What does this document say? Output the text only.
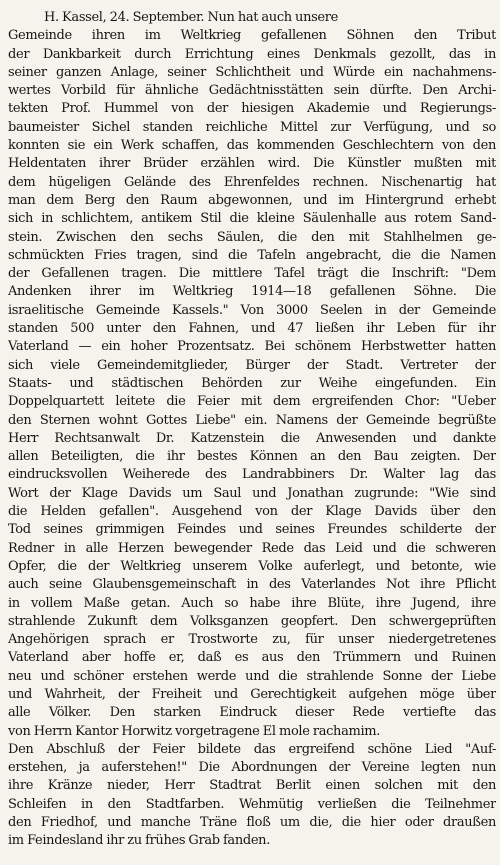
H. Kassel, 24. September. Nun hat auch unsere
Gemeinde ihren im Weltkrieg gefallenen Söhnen den Tribut
der Dankbarkeit durch Errichtung eines Denkmals gezollt, das in
seiner ganzen Anlage, seiner Schlichtheit und Würde ein nachahmens-
wertes Vorbild für ähnliche Gedächtnisstätten sein dürfte. Den Archi-
tekten Prof. Hummel von der hiesigen Akademie und Regierungs-
baumeister Sichel standen reichliche Mittel zur Verfügung, und so
konnten sie ein Werk schaffen, das kommenden Geschlechtern von den
Heldentaten ihrer Brüder erzählen wird. Die Künstler mußten mit
dem hügeligen Gelände des Ehrenfeldes rechnen. Nischenartig hat
man dem Berg den Raum abgewonnen, und im Hintergrund erhebt
sich in schlichtem, antikem Stil die kleine Säulenhalle aus rotem Sand-
stein. Zwischen den sechs Säulen, die den mit Stahlhelmen ge-
schmückten Fries tragen, sind die Tafeln angebracht, die die Namen
der Gefallenen tragen. Die mittlere Tafel trägt die Inschrift: "Dem
Andenken ihrer im Weltkrieg 1914—18 gefallenen Söhne. Die
israelitische Gemeinde Kassels." Von 3000 Seelen in der Gemeinde
standen 500 unter den Fahnen, und 47 ließen ihr Leben für ihr
Vaterland — ein hoher Prozentsatz. Bei schönem Herbstwetter hatten
sich viele Gemeindemitglieder, Bürger der Stadt. Vertreter der
Staats- und städtischen Behörden zur Weihe eingefunden. Ein
Doppelquartett leitete die Feier mit dem ergreifenden Chor: "Ueber
den Sternen wohnt Gottes Liebe" ein. Namens der Gemeinde begrüßte
Herr Rechtsanwalt Dr. Katzenstein die Anwesenden und dankte
allen Beteiligten, die ihr bestes Können an den Bau zeigten. Der
eindrucksvollen Weiherede des Landrabbiners Dr. Walter lag das
Wort der Klage Davids um Saul und Jonathan zugrunde: "Wie sind
die Helden gefallen". Ausgehend von der Klage Davids über den
Tod seines grimmigen Feindes und seines Freundes schilderte der
Redner in alle Herzen bewegender Rede das Leid und die schweren
Opfer, die der Weltkrieg unserem Volke auferlegt, und betonte, wie
auch seine Glaubensgemeinschaft in des Vaterlandes Not ihre Pflicht
in vollem Maße getan. Auch so habe ihre Blüte, ihre Jugend, ihre
strahlende Zukunft dem Volksganzen geopfert. Den schwergeprüften
Angehörigen sprach er Trostworte zu, für unser niedergetretenes
Vaterland aber hoffe er, daß es aus den Trümmern und Ruinen
neu und schöner erstehen werde und die strahlende Sonne der Liebe
und Wahrheit, der Freiheit und Gerechtigkeit aufgehen möge über
alle Völker. Den starken Eindruck dieser Rede vertiefte das
von Herrn Kantor Horwitz vorgetragene El mole rachamim.
Den Abschluß der Feier bildete das ergreifend schöne Lied "Auf-
erstehen, ja auferstehen!" Die Abordnungen der Vereine legten nun
ihre Kränze nieder, Herr Stadtrat Berlit einen solchen mit den
Schleifen in den Stadtfarben. Wehmütig verließen die Teilnehmer
den Friedhof, und manche Träne floß um die, die hier oder draußen
im Feindesland ihr zu frühes Grab fanden.
